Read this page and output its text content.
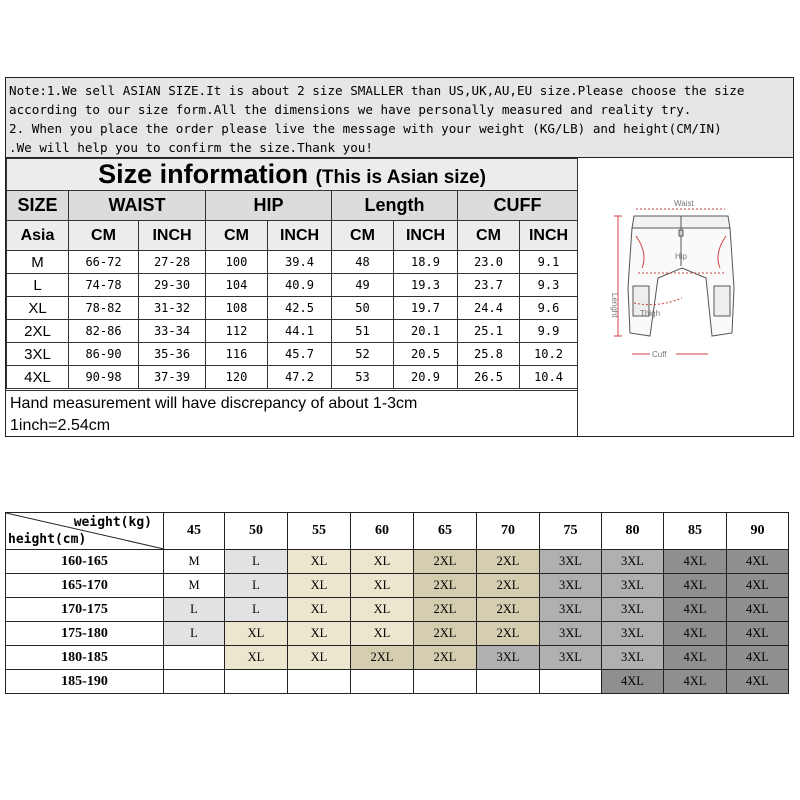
Note:1.We sell ASIAN SIZE.It is about 2 size SMALLER than US,UK,AU,EU size.Please choose the size
according to our size form.All the dimensions we have personally measured and reality try.
2. When you place the order please live the message with your weight (KG/LB) and height(CM/IN)
.We will help you to confirm the size.Thank you!
Size information (This is Asian size)								
SIZE	WAIST		HIP		Length		CUFF	
Asia	CM	INCH	CM	INCH	CM	INCH	CM	INCH
M	66-72	27-28	100	39.4	48	18.9	23.0	9.1
L	74-78	29-30	104	40.9	49	19.3	23.7	9.3
XL	78-82	31-32	108	42.5	50	19.7	24.4	9.6
2XL	82-86	33-34	112	44.1	51	20.1	25.1	9.9
3XL	86-90	35-36	116	45.7	52	20.5	25.8	10.2
4XL	90-98	37-39	120	47.2	53	20.9	26.5	10.4
Hand measurement will have discrepancy of about 1-3cm
1inch=2.54cm
Waist
Hip
Lenght	Thigh
Cuff
weight(kg)
height(cm)	45	50	55	60	65	70	75	80	85	90
160-165	M	L	XL	XL	2XL	2XL	3XL	3XL	4XL	4XL
165-170	M	L	XL	XL	2XL	2XL	3XL	3XL	4XL	4XL
170-175	L	L	XL	XL	2XL	2XL	3XL	3XL	4XL	4XL
175-180	L	XL	XL	XL	2XL	2XL	3XL	3XL	4XL	4XL
180-185		XL	XL	2XL	2XL	3XL	3XL	3XL	4XL	4XL
185-190								4XL	4XL	4XL
